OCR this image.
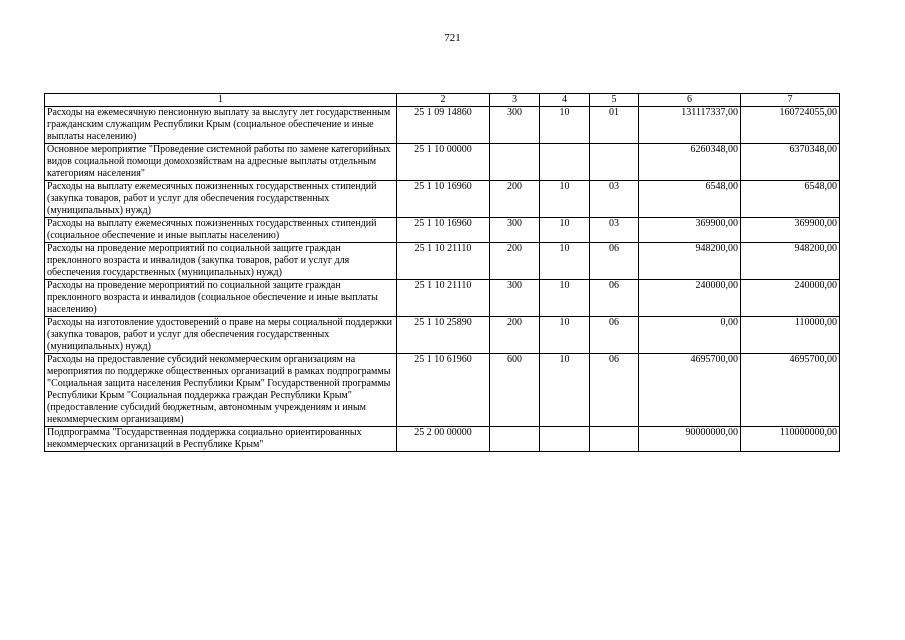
721
1	2	3	4	5	6	7
Расходы на ежемесячную пенсионную выплату за выслугу лет государственным гражданским служащим Республики Крым (социальное обеспечение и иные выплаты населению)	25 1 09 14860	300	10	01	131117337,00	160724055,00
Основное мероприятие "Проведение системной работы по замене категорийных видов социальной помощи домохозяйствам на адресные выплаты отдельным категориям населения"	25 1 10 00000				6260348,00	6370348,00
Расходы на выплату ежемесячных пожизненных государственных стипендий (закупка товаров, работ и услуг для обеспечения государственных (муниципальных) нужд)	25 1 10 16960	200	10	03	6548,00	6548,00
Расходы на выплату ежемесячных пожизненных государственных стипендий (социальное обеспечение и иные выплаты населению)	25 1 10 16960	300	10	03	369900,00	369900,00
Расходы на проведение мероприятий по социальной защите граждан преклонного возраста и инвалидов (закупка товаров, работ и услуг для обеспечения государственных (муниципальных) нужд)	25 1 10 21110	200	10	06	948200,00	948200,00
Расходы на проведение мероприятий по социальной защите граждан преклонного возраста и инвалидов (социальное обеспечение и иные выплаты населению)	25 1 10 21110	300	10	06	240000,00	240000,00
Расходы на изготовление удостоверений о праве на меры социальной поддержки (закупка товаров, работ и услуг для обеспечения государственных (муниципальных) нужд)	25 1 10 25890	200	10	06	0,00	110000,00
Расходы на предоставление субсидий некоммерческим организациям на мероприятия по поддержке общественных организаций в рамках подпрограммы "Социальная защита населения Республики Крым" Государственной программы Республики Крым "Социальная поддержка граждан Республики Крым" (предоставление субсидий бюджетным, автономным учреждениям и иным некоммерческим организациям)	25 1 10 61960	600	10	06	4695700,00	4695700,00
Подпрограмма "Государственная поддержка социально ориентированных некоммерческих организаций в Республике Крым"	25 2 00 00000				90000000,00	110000000,00
